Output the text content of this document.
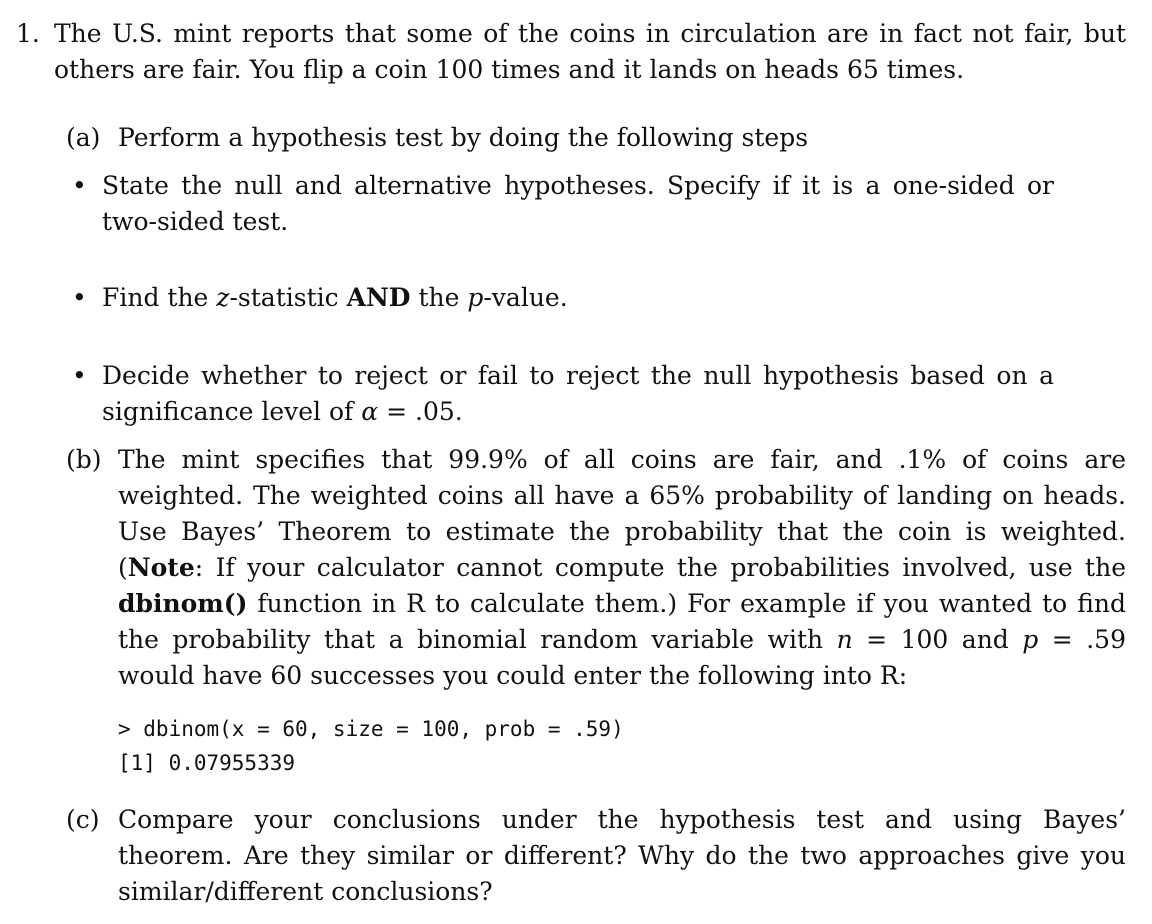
1. The U.S. mint reports that some of the coins in circulation are in fact not fair, but others are fair. You flip a coin 100 times and it lands on heads 65 times.
(a) Perform a hypothesis test by doing the following steps
• State the null and alternative hypotheses. Specify if it is a one-sided or two-sided test.
• Find the z-statistic AND the p-value.
• Decide whether to reject or fail to reject the null hypothesis based on a significance level of α = .05.
(b) The mint specifies that 99.9% of all coins are fair, and .1% of coins are weighted. The weighted coins all have a 65% probability of landing on heads. Use Bayes’ Theorem to estimate the probability that the coin is weighted. (Note: If your calculator cannot compute the probabilities involved, use the dbinom() function in R to calculate them.) For example if you wanted to find the probability that a binomial random variable with n = 100 and p = .59 would have 60 successes you could enter the following into R:
> dbinom(x = 60, size = 100, prob = .59)
[1] 0.07955339
(c) Compare your conclusions under the hypothesis test and using Bayes’ theorem. Are they similar or different? Why do the two approaches give you similar/different conclusions?
